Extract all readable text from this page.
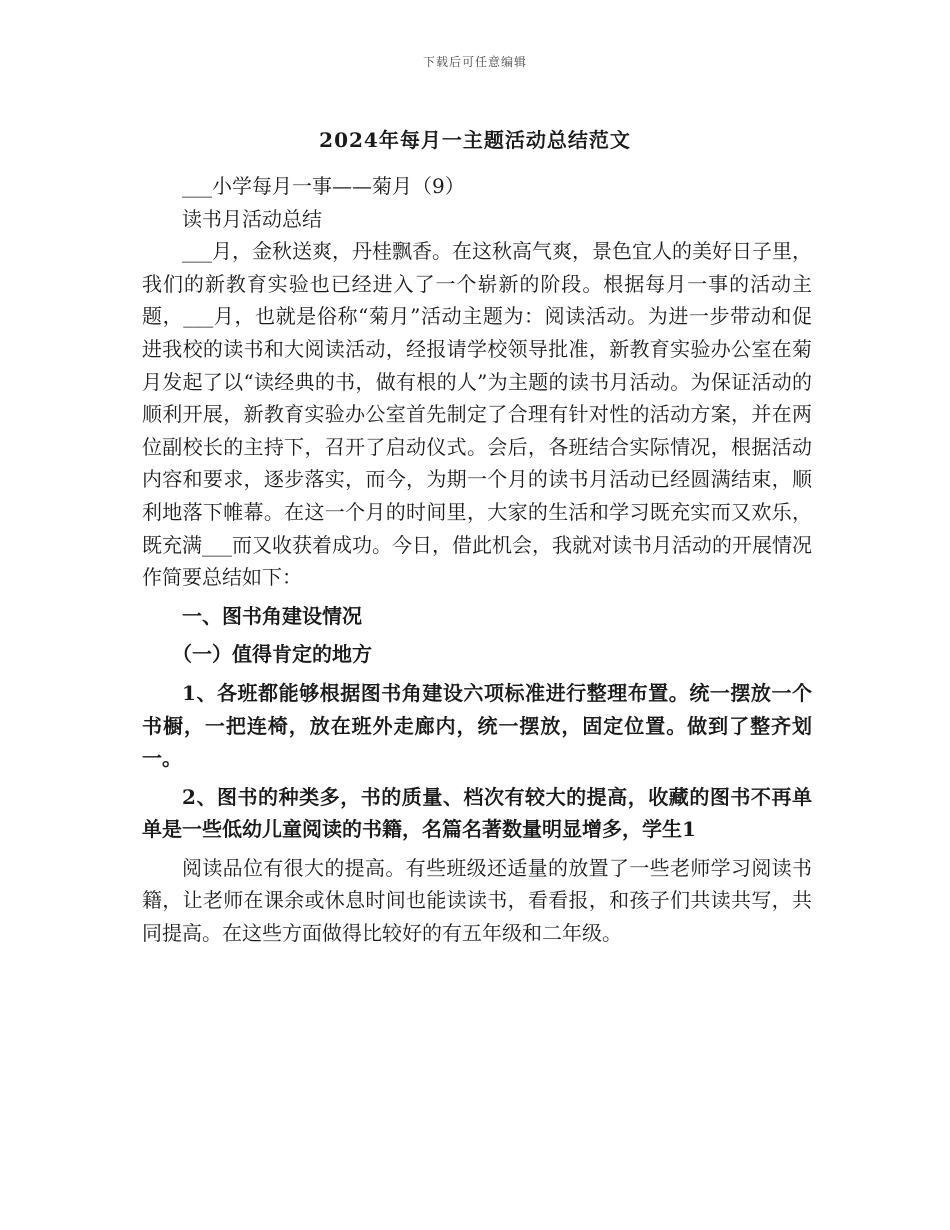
下载后可任意编辑
2024年每月一主题活动总结范文

___小学每月一事——菊月（9）

读书月活动总结

___月，金秋送爽，丹桂飘香。在这秋高气爽，景色宜人的美好日子里，我们的新教育实验也已经进入了一个崭新的阶段。根据每月一事的活动主题，___月，也就是俗称“菊月”活动主题为：阅读活动。为进一步带动和促进我校的读书和大阅读活动，经报请学校领导批准，新教育实验办公室在菊月发起了以“读经典的书，做有根的人”为主题的读书月活动。为保证活动的顺利开展，新教育实验办公室首先制定了合理有针对性的活动方案，并在两位副校长的主持下，召开了启动仪式。会后，各班结合实际情况，根据活动内容和要求，逐步落实，而今，为期一个月的读书月活动已经圆满结束，顺利地落下帷幕。在这一个月的时间里，大家的生活和学习既充实而又欢乐，既充满___而又收获着成功。今日，借此机会，我就对读书月活动的开展情况作简要总结如下：

一、图书角建设情况

（一）值得肯定的地方

1、各班都能够根据图书角建设六项标准进行整理布置。统一摆放一个书橱，一把连椅，放在班外走廊内，统一摆放，固定位置。做到了整齐划一。

2、图书的种类多，书的质量、档次有较大的提高，收藏的图书不再单单是一些低幼儿童阅读的书籍，名篇名著数量明显增多，学生1

阅读品位有很大的提高。有些班级还适量的放置了一些老师学习阅读书籍，让老师在课余或休息时间也能读读书，看看报，和孩子们共读共写，共同提高。在这些方面做得比较好的有五年级和二年级。
